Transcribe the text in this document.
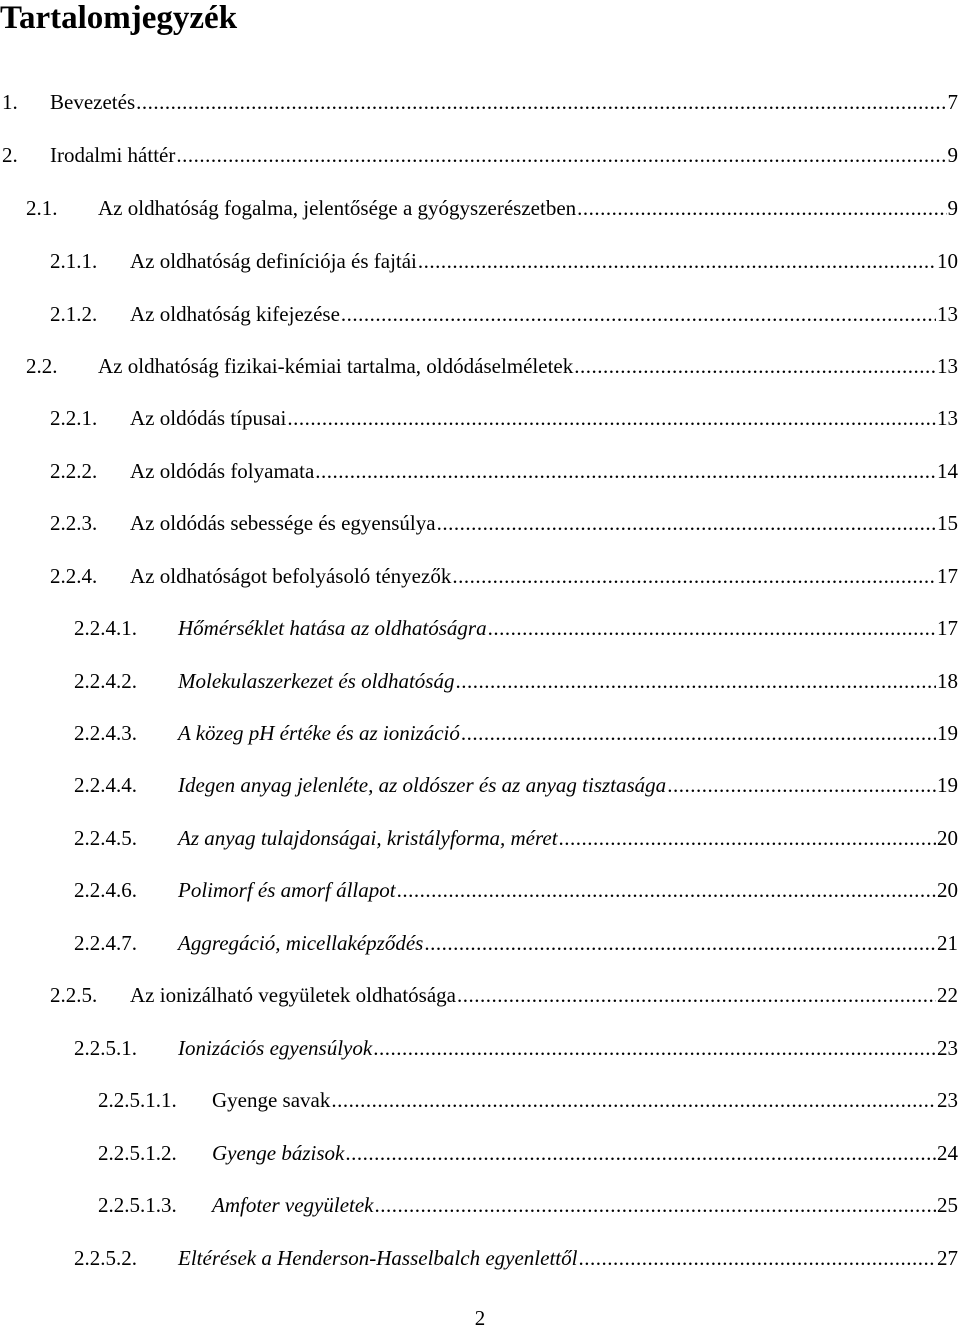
Tartalomjegyzék
1.	Bevezetés .....	7
2.	Irodalmi háttér .....	9
2.1.	Az oldhatóság fogalma, jelentősége a gyógyszerészetben .....	9
2.1.1.	Az oldhatóság definíciója és fajtái .....	10
2.1.2.	Az oldhatóság kifejezése .....	13
2.2.	Az oldhatóság fizikai-kémiai tartalma, oldódáselméletek .....	13
2.2.1.	Az oldódás típusai .....	13
2.2.2.	Az oldódás folyamata .....	14
2.2.3.	Az oldódás sebessége és egyensúlya .....	15
2.2.4.	Az oldhatóságot befolyásoló tényezők .....	17
2.2.4.1.	Hőmérséklet hatása az oldhatóságra .....	17
2.2.4.2.	Molekulaszerkezet és oldhatóság .....	18
2.2.4.3.	A közeg pH értéke és az ionizáció .....	19
2.2.4.4.	Idegen anyag jelenléte, az oldószer és az anyag tisztasága .....	19
2.2.4.5.	Az anyag tulajdonságai, kristályforma, méret .....	20
2.2.4.6.	Polimorf és amorf állapot .....	20
2.2.4.7.	Aggregáció, micellaképződés .....	21
2.2.5.	Az ionizálható vegyületek oldhatósága .....	22
2.2.5.1.	Ionizációs egyensúlyok .....	23
2.2.5.1.1.	Gyenge savak .....	23
2.2.5.1.2.	Gyenge bázisok .....	24
2.2.5.1.3.	Amfoter vegyületek .....	25
2.2.5.2.	Eltérések a Henderson-Hasselbalch egyenlettől .....	27
2
